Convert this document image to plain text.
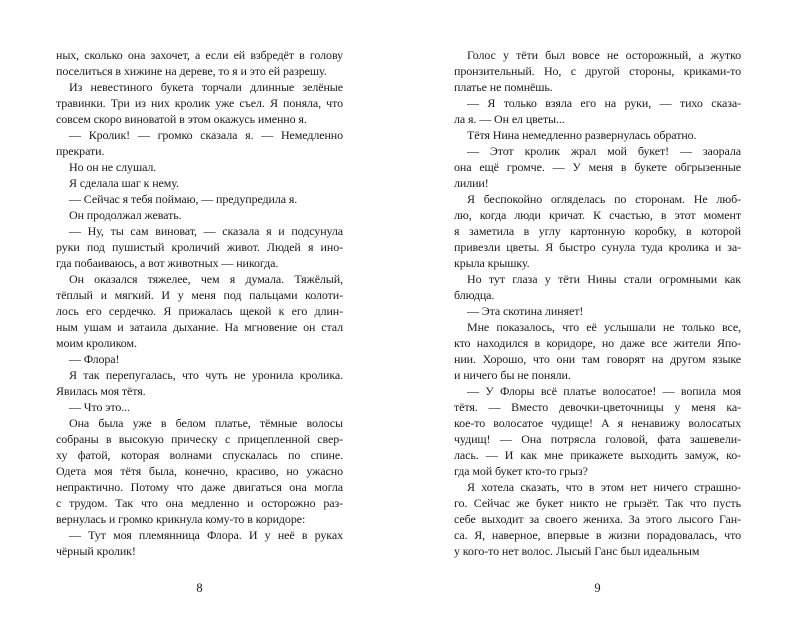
ных, сколько она захочет, а если ей взбредёт в голову
поселиться в хижине на дереве, то я и это ей разрешу.
Из невестиного букета торчали длинные зелёные
травинки. Три из них кролик уже съел. Я поняла, что
совсем скоро виноватой в этом окажусь именно я.
— Кролик! — громко сказала я. — Немедленно
прекрати.
Но он не слушал.
Я сделала шаг к нему.
— Сейчас я тебя поймаю, — предупредила я.
Он продолжал жевать.
— Ну, ты сам виноват, — сказала я и подсунула
руки под пушистый кроличий живот. Людей я ино-
гда побаиваюсь, а вот животных — никогда.
Он оказался тяжелее, чем я думала. Тяжёлый,
тёплый и мягкий. И у меня под пальцами колоти-
лось его сердечко. Я прижалась щекой к его длин-
ным ушам и затаила дыхание. На мгновение он стал
моим кроликом.
— Флора!
Я так перепугалась, что чуть не уронила кролика.
Явилась моя тётя.
— Что это...
Она была уже в белом платье, тёмные волосы
собраны в высокую прическу с прицепленной свер-
ху фатой, которая волнами спускалась по спине.
Одета моя тётя была, конечно, красиво, но ужасно
непрактично. Потому что даже двигаться она могла
с трудом. Так что она медленно и осторожно раз-
вернулась и громко крикнула кому-то в коридоре:
— Тут моя племянница Флора. И у неё в руках
чёрный кролик!
8
Голос у тёти был вовсе не осторожный, а жутко
пронзительный. Но, с другой стороны, криками-то
платье не помнёшь.
— Я только взяла его на руки, — тихо сказа-
ла я. — Он ел цветы...
Тётя Нина немедленно развернулась обратно.
— Этот кролик жрал мой букет! — заорала
она ещё громче. — У меня в букете обгрызенные
лилии!
Я беспокойно огляделась по сторонам. Не люб-
лю, когда люди кричат. К счастью, в этот момент
я заметила в углу картонную коробку, в которой
привезли цветы. Я быстро сунула туда кролика и за-
крыла крышку.
Но тут глаза у тёти Нины стали огромными как
блюдца.
— Эта скотина линяет!
Мне показалось, что её услышали не только все,
кто находился в коридоре, но даже все жители Япо-
нии. Хорошо, что они там говорят на другом языке
и ничего бы не поняли.
— У Флоры всё платье волосатое! — вопила моя
тётя. — Вместо девочки-цветочницы у меня ка-
кое-то волосатое чудище! А я ненавижу волосатых
чудищ! — Она потрясла головой, фата зашевели-
лась. — И как мне прикажете выходить замуж, ко-
гда мой букет кто-то грыз?
Я хотела сказать, что в этом нет ничего страшно-
го. Сейчас же букет никто не грызёт. Так что пусть
себе выходит за своего жениха. За этого лысого Ган-
са. Я, наверное, впервые в жизни порадовалась, что
у кого-то нет волос. Лысый Ганс был идеальным
9
